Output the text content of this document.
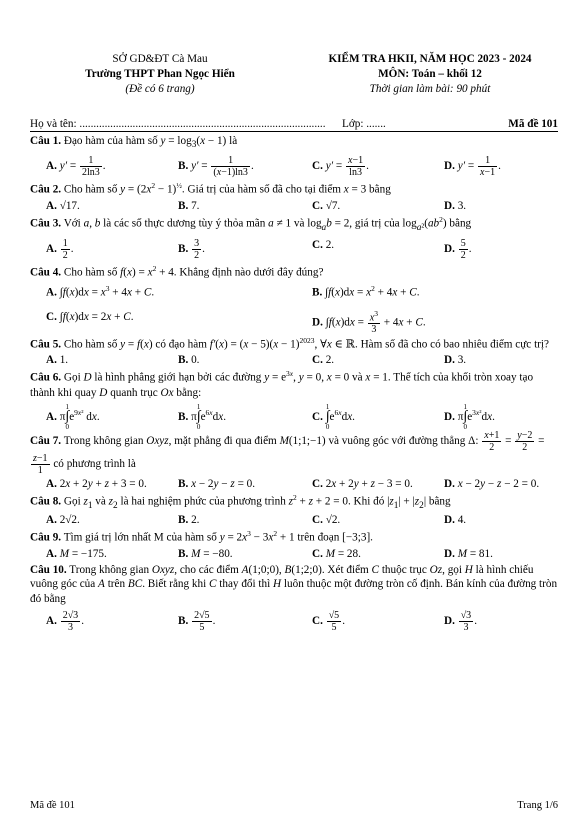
SỞ GD&ĐT Cà Mau
Trường THPT Phan Ngọc Hiển
(Đề có 6 trang)
KIỂM TRA HKII, NĂM HỌC 2023 - 2024
MÔN: Toán – khối 12
Thời gian làm bài: 90 phút
Họ và tên: ........................................................................................ Lớp: .......	Mã đề 101
Câu 1. Đạo hàm của hàm số $y = \log_3(x - 1)$ là
A. $y' = \frac{1}{2\ln 3}$ .	B. $y' = \frac{1}{(x-1)\ln 3}$ .	C. $y' = \frac{x-1}{\ln 3}$ .	D. $y' = \frac{1}{x-1}$ .
Câu 2. Cho hàm số $y = (2x^2 - 1)^{\frac{1}{2}}$. Giá trị của hàm số đã cho tại điểm x = 3 bằng
A. √17.	B. 7.	C. √7.	D. 3.
Câu 3. Với a, b là các số thực dương tùy ý thỏa mãn a ≠ 1 và $\log_ab = 2$, giá trị của $\log_{a^2}(ab^2)$ bằng
A. $\frac{1}{2}$ .	B. $\frac{3}{2}$ .	C. 2.	D. $\frac{5}{2}$ .
Câu 4. Cho hàm số $f(x) = x^2 + 4$. Khẳng định nào dưới đây đúng?
A. $\int f(x)dx = x^3 + 4x + C$.	B. $\int f(x)dx = x^2 + 4x + C$.
C. ∫f(x)dx = 2x + C.	D. $\int f(x)dx = \frac{x^3}{3} + 4x + C$.
Câu 5. Cho hàm số y = f(x) có đạo hàm $f'(x) = (x - 5)(x - 1)^{2023}$, ∀x ∈ ℝ. Hàm số đã cho có bao nhiêu điểm cực trị?
A. 1.	B. 0.	C. 2.	D. 3.
Câu 6. Gọi D là hình phẳng giới hạn bởi các đường $y = e^{3x}$, y = 0, x = 0 và x = 1. Thể tích của khối tròn xoay tạo thành khi quay D quanh trục Ox bằng:
A. π
1
∫
0
$e^{9x^2}$ dx.	B. π
1
∫
0
$e^{6x}dx$.	C.
1
∫
0
$e^{6x}dx$.	D. π
1
∫
0
$e^{3x^2}dx$.
Câu 7. Trong không gian Oxyz, mặt phẳng đi qua điểm M(1;1;−1) và vuông góc với đường thẳng Δ: $\frac{x+1}{2} = \frac{y-2}{2}$ =
$\frac{z-1}{1}$ có phương trình là
A. 2x + 2y + z + 3 = 0.	B. x − 2y − z = 0.	C. 2x + 2y + z − 3 = 0.	D. x − 2y − z − 2 = 0.
Câu 8. Gọi $z_1$ và $z_2$ là hai nghiệm phức của phương trình $z^2 + z + 2 = 0$. Khi đó $|z_1| + |z_2|$ bằng
A. 2√2.	B. 2.	C. √2.	D. 4.
Câu 9. Tìm giá trị lớn nhất M của hàm số $y = 2x^3 - 3x^2 + 1$ trên đoạn [−3;3].
A. M = −175.	B. M = −80.	C. M = 28.	D. M = 81.
Câu 10. Trong không gian Oxyz, cho các điểm A(1;0;0), B(1;2;0). Xét điểm C thuộc trục Oz, gọi H là hình chiếu vuông góc của A trên BC. Biết rằng khi C thay đổi thì H luôn thuộc một đường tròn cố định. Bán kính của đường tròn đó bằng
A. $\frac{2√3}{3}$ .	B. $\frac{2√5}{5}$ .	C. $\frac{√5}{5}$ .	D. $\frac{√3}{3}$ .
Mã đề 101	Trang 1/6
